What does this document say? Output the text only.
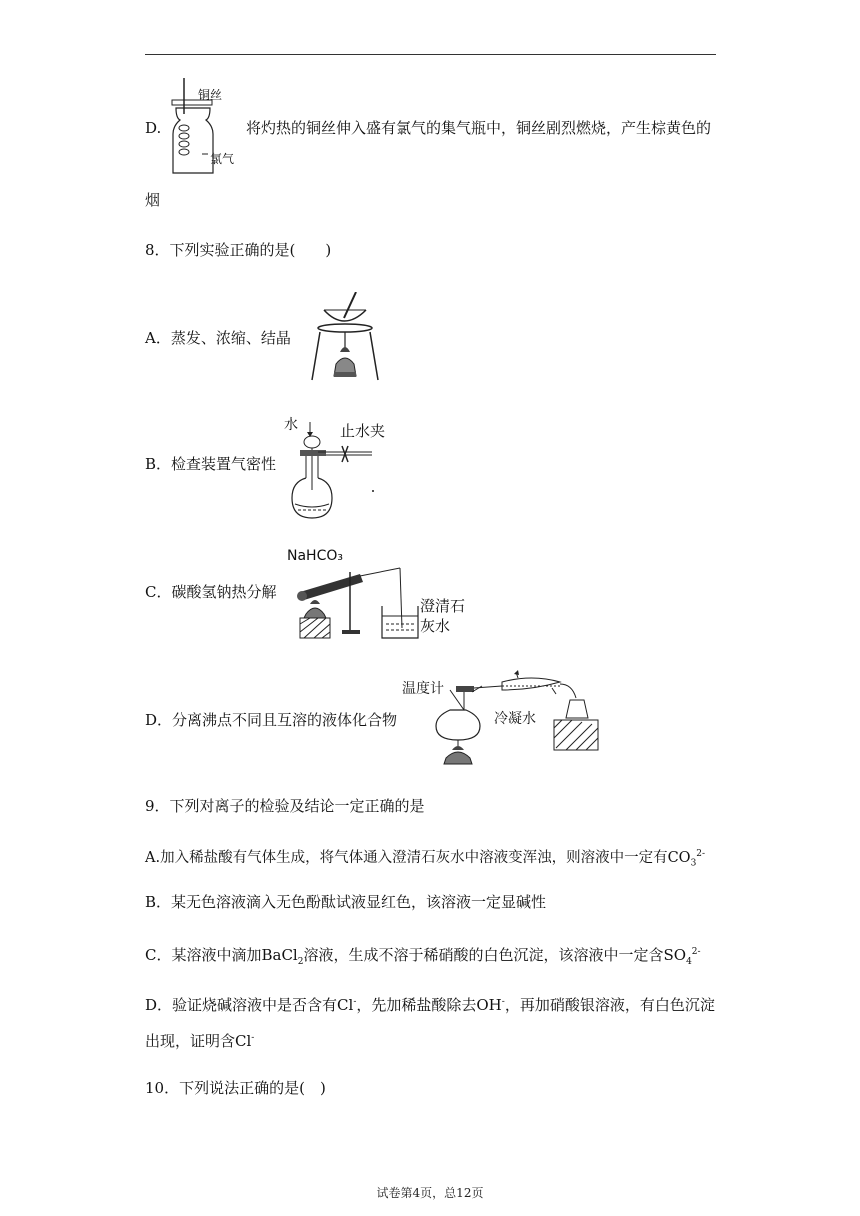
D.
铜丝
氯气
将灼热的铜丝伸入盛有氯气的集气瓶中，铜丝剧烈燃烧，产生棕黄色的
烟
8．下列实验正确的是(　　)
A．蒸发、浓缩、结晶
B．检查装置气密性
水	止水夹
C．碳酸氢钠热分解
NaHCO₃
澄清石
灰水
D．分离沸点不同且互溶的液体化合物
温度计
冷凝水
9．下列对离子的检验及结论一定正确的是
A.加入稀盐酸有气体生成，将气体通入澄清石灰水中溶液变浑浊，则溶液中一定有$CO_3^{2-}$
B．某无色溶液滴入无色酚酞试液显红色，该溶液一定显碱性
C．某溶液中滴加BaCl$_2$溶液，生成不溶于稀硝酸的白色沉淀，该溶液中一定含$SO_4^{2-}$
D．验证烧碱溶液中是否含有Cl-，先加稀盐酸除去OH-，再加硝酸银溶液，有白色沉淀
出现，证明含Cl-
10．下列说法正确的是(　)
试卷第4页，总12页
